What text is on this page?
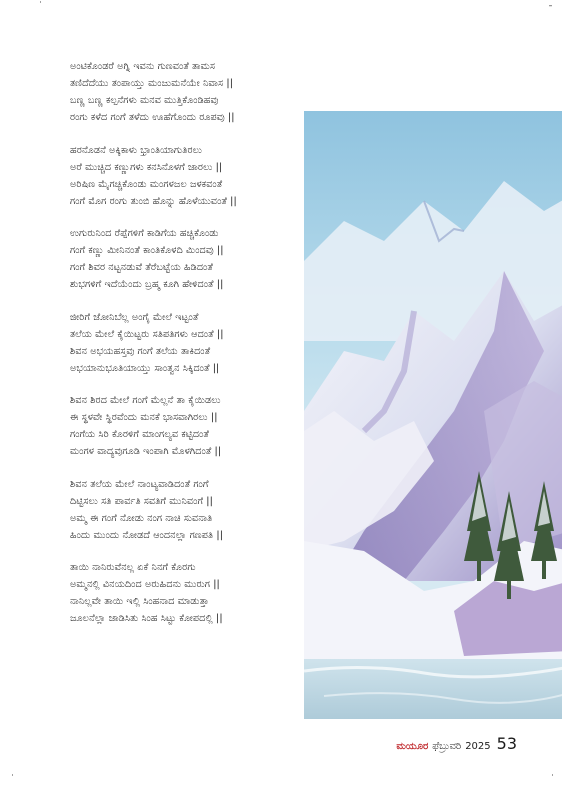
˙	¯
˙	˙
ಅಂಟಿಕೊಂಡರೆ ಅಗ್ನಿ ಇವನು ಗುಣವಂತೆ ತಾಮಸ
ತಣಿದೆದೆಯು ತಂಪಾಯ್ತು ಮಂಜುಮನೆಯೇ ನಿವಾಸ ||
ಬಣ್ಣ ಬಣ್ಣ ಕಲ್ಪನೆಗಳು ಮನವ ಮುತ್ತಿಕೊಂಡಿಹವು
ರಂಗು ಕಳೆದ ಗಂಗೆ ತಳೆದು ಊಹೆಗೊಂದು ರೂಪವು ||
ಹರನೊಡನೆ ಅಕ್ಕಿಕಾಳು ಭ್ರಾಂತಿಯಾಗುತಿರಲು
ಅರೆ ಮುಚ್ಚಿದ ಕಣ್ಣುಗಳು ಕನಸಿನೊಳಗೆ ಜಾರಲು ||
ಅರಿಷಿಣ ಮೈಗಚ್ಚಿಕೊಂಡು ಮಂಗಳಜಲ ಜಳಕವಂತೆ
ಗಂಗೆ ಮೊಗ ರಂಗು ತುಂಬಿ ಹೊನ್ನು ಹೊಳೆಯುವಂತೆ ||
ಉಗುರುನಿಂದ ರೆಪ್ಪೆಗಳಿಗೆ ಕಾಡಿಗೆಯ ಹಚ್ಚಿಕೊಂಡು
ಗಂಗೆ ಕಣ್ಣು ಮೀನಿನಂತೆ ಕಾಂತಿಕೊಳದಿ ಮಿಂದವು ||
ಗಂಗೆ ಶಿವರ ನಟ್ಟನಡುವೆ ತೆರೆಬಟ್ಟೆಯ ಹಿಡಿದಂತೆ
ಶುಭಗಳಿಗೆ ಇದೆಯೆಂದು ಬ್ರಹ್ಮ ಕೂಗಿ ಹೇಳಿದಂತೆ ||
ಜೀರಿಗೆ ಜೋನಿಬೆಲ್ಲ ಅಂಗೈ ಮೇಲೆ ಇಟ್ಟಂತೆ
ತಲೆಯ ಮೇಲೆ ಕೈಯಿಟ್ಟರು ಸತಿಪತಿಗಳು ಆದಂತೆ ||
ಶಿವನ ಅಭಯಹಸ್ತವು ಗಂಗೆ ತಲೆಯ ತಾಕಿದಂತೆ
ಅಭಯಾನುಭೂತಿಯಾಯ್ತು ಸಾಂತ್ವನ ಸಿಕ್ಕಿದಂತೆ ||
ಶಿವನ ಶಿರದ ಮೇಲೆ ಗಂಗೆ ಮೆಲ್ಲನೆ ತಾ ಕೈಯಿಡಲು
ಈ ಸ್ಥಳವೇ ಸ್ಥಿರವೆಂದು ಮನಕೆ ಭಾಸವಾಗಿರಲು ||
ಗಂಗೆಯ ಸಿರಿ ಕೊರಳಿಗೆ ಮಾಂಗಲ್ಯವ ಕಟ್ಟಿದಂತೆ
ಮಂಗಳ ವಾದ್ಯವುಗೂಡಿ ಇಂಪಾಗಿ ಮೊಳಗಿದಂತೆ ||
ಶಿವನ ತಲೆಯ ಮೇಲೆ ನಾಂಟ್ಯವಾಡಿದಂತೆ ಗಂಗೆ
ದಿಟ್ಟಿಸಲು ಸತಿ ಪಾರ್ವತಿ ಸವತಿಗೆ ಮುನಿವಂಗೆ ||
ಅಮ್ಮ ಈ ಗಂಗೆ ನೋಡು ನಂಗ ನಾಚಿ ಸುವನಾತಿ
ಹಿಂದು ಮುಂದು ನೋಡದೆ ಆಂದನಲ್ಲಾ ಗಣಪತಿ ||
ತಾಯಿ ನಾನಿರುವೆನಲ್ಲ ಏಕೆ ನಿನಗೆ ಕೊರಗು
ಅಮ್ಮನಲ್ಲಿ ವಿನಯದಿಂದ ಅರುಹಿದನು ಮುರುಗ ||
ನಾನಿಲ್ಲವೇ ತಾಯಿ ಇಲ್ಲಿ ಸಿಂಹನಾದ ಮಾಡುತ್ತಾ
ಜೂಲನೆಲ್ಲಾ ಜಾಡಿಸಿತು ಸಿಂಹ ಸಿಟ್ಟು ಕೋಪದಲ್ಲಿ ||
ಮಯೂರ ಫೆಬ್ರುವರಿ 2025 53
